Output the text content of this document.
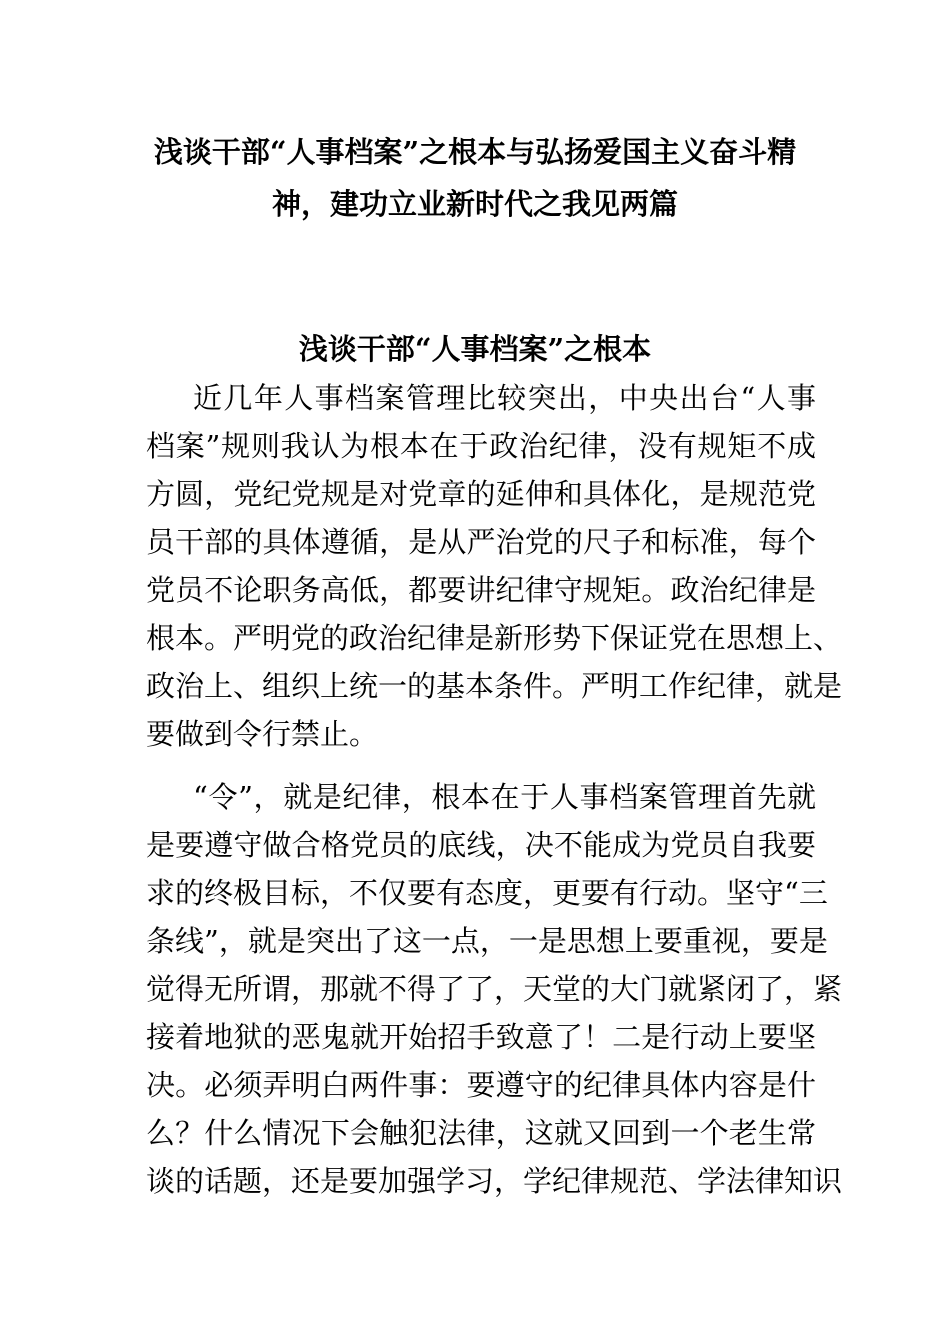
浅谈干部“人事档案”之根本与弘扬爱国主义奋斗精
神，建功立业新时代之我见两篇
浅谈干部“人事档案”之根本
近几年人事档案管理比较突出，中央出台“人事
档案”规则我认为根本在于政治纪律，没有规矩不成
方圆，党纪党规是对党章的延伸和具体化，是规范党
员干部的具体遵循，是从严治党的尺子和标准，每个
党员不论职务高低，都要讲纪律守规矩。政治纪律是
根本。严明党的政治纪律是新形势下保证党在思想上、
政治上、组织上统一的基本条件。严明工作纪律，就是
要做到令行禁止。
“令”，就是纪律，根本在于人事档案管理首先就
是要遵守做合格党员的底线，决不能成为党员自我要
求的终极目标，不仅要有态度，更要有行动。坚守“三
条线”，就是突出了这一点，一是思想上要重视，要是
觉得无所谓，那就不得了了，天堂的大门就紧闭了，紧
接着地狱的恶鬼就开始招手致意了！二是行动上要坚
决。必须弄明白两件事：要遵守的纪律具体内容是什
么？什么情况下会触犯法律，这就又回到一个老生常
谈的话题，还是要加强学习，学纪律规范、学法律知识
